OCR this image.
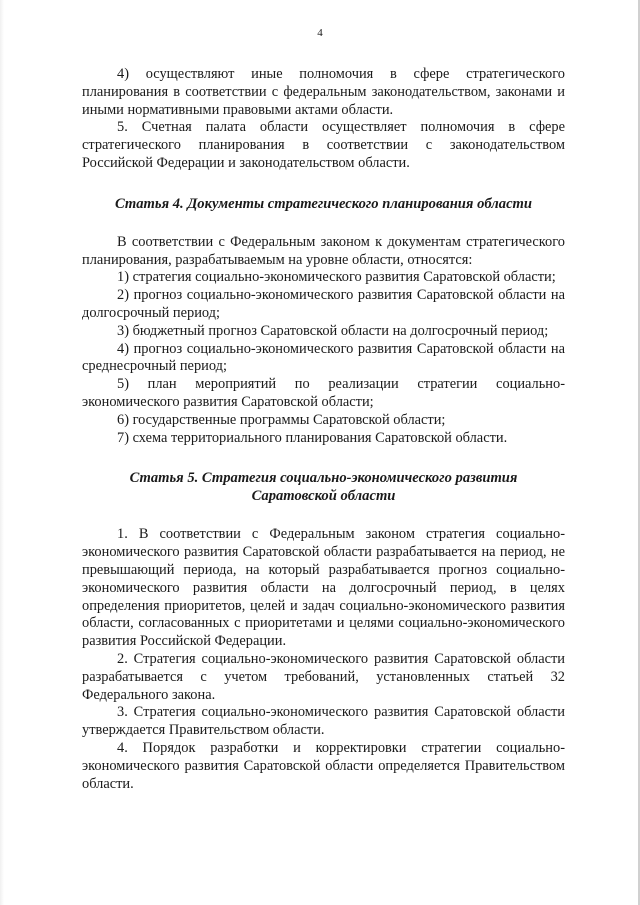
4

4) осуществляют иные полномочия в сфере стратегического планирования в соответствии с федеральным законодательством, законами и иными нормативными правовыми актами области.

5. Счетная палата области осуществляет полномочия в сфере стратегического планирования в соответствии с законодательством Российской Федерации и законодательством области.

Статья 4. Документы стратегического планирования области

В соответствии с Федеральным законом к документам стратегического планирования, разрабатываемым на уровне области, относятся:

1) стратегия социально-экономического развития Саратовской области;

2) прогноз социально-экономического развития Саратовской области на долгосрочный период;

3) бюджетный прогноз Саратовской области на долгосрочный период;

4) прогноз социально-экономического развития Саратовской области на среднесрочный период;

5) план мероприятий по реализации стратегии социально-экономического развития Саратовской области;

6) государственные программы Саратовской области;

7) схема территориального планирования Саратовской области.

Статья 5. Стратегия социально-экономического развития
Саратовской области

1. В соответствии с Федеральным законом стратегия социально-экономического развития Саратовской области разрабатывается на период, не превышающий периода, на который разрабатывается прогноз социально-экономического развития области на долгосрочный период, в целях определения приоритетов, целей и задач социально-экономического развития области, согласованных с приоритетами и целями социально-экономического развития Российской Федерации.

2. Стратегия социально-экономического развития Саратовской области разрабатывается с учетом требований, установленных статьей 32 Федерального закона.

3. Стратегия социально-экономического развития Саратовской области утверждается Правительством области.

4. Порядок разработки и корректировки стратегии социально-экономического развития Саратовской области определяется Правительством области.
